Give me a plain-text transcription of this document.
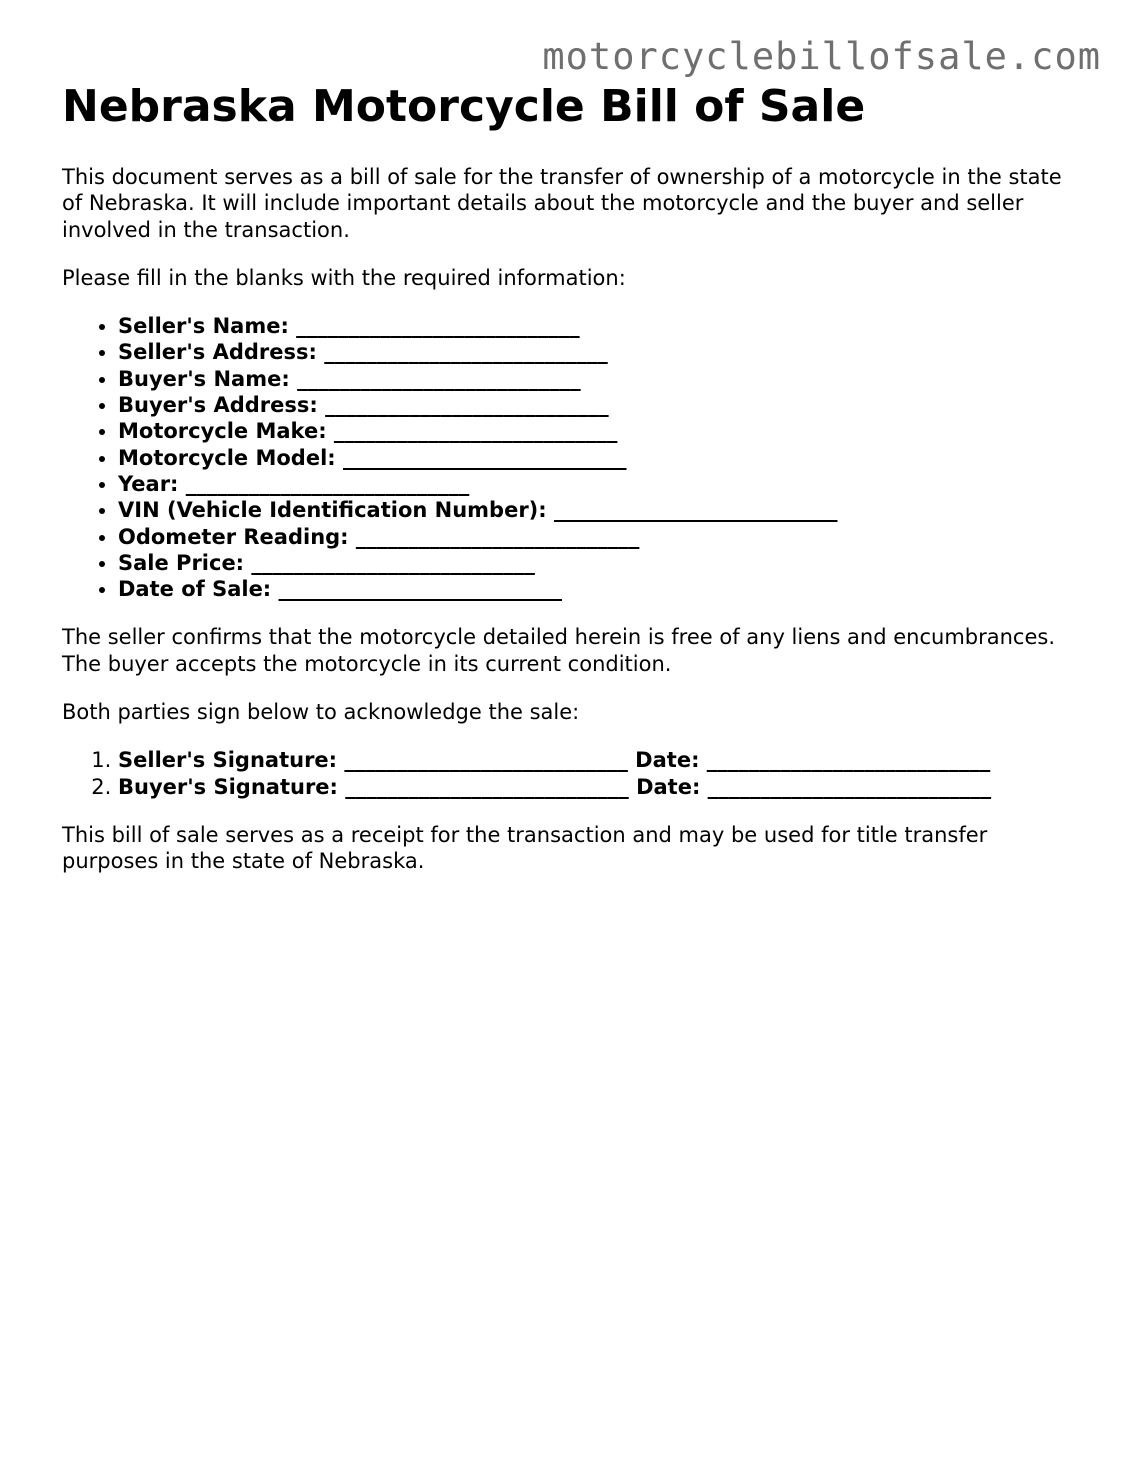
motorcyclebillofsale.com
Nebraska Motorcycle Bill of Sale

This document serves as a bill of sale for the transfer of ownership of a motorcycle in the state of Nebraska. It will include important details about the motorcycle and the buyer and seller involved in the transaction.

Please fill in the blanks with the required information:

• Seller's Name: ___________________________
• Seller's Address: ___________________________
• Buyer's Name: ___________________________
• Buyer's Address: ___________________________
• Motorcycle Make: ___________________________
• Motorcycle Model: ___________________________
• Year: ___________________________
• VIN (Vehicle Identification Number): ___________________________
• Odometer Reading: ___________________________
• Sale Price: ___________________________
• Date of Sale: ___________________________

The seller confirms that the motorcycle detailed herein is free of any liens and encumbrances. The buyer accepts the motorcycle in its current condition.

Both parties sign below to acknowledge the sale:

1. Seller's Signature: ___________________________ Date: ___________________________
2. Buyer's Signature: ___________________________ Date: ___________________________

This bill of sale serves as a receipt for the transaction and may be used for title transfer purposes in the state of Nebraska.
